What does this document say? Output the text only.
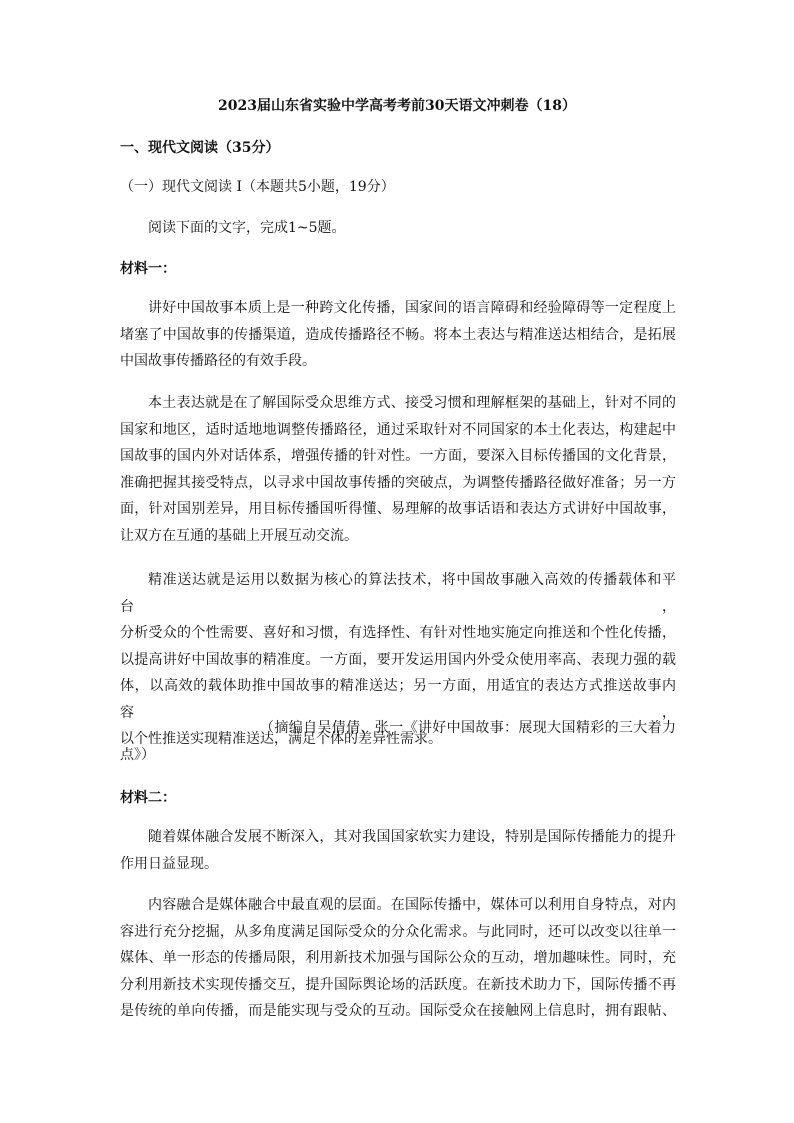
2023届山东省实验中学高考考前30天语文冲刺卷（18）

一、现代文阅读（35分）

（一）现代文阅读 I（本题共5小题，19分）

阅读下面的文字，完成1~5题。

材料一：

讲好中国故事本质上是一种跨文化传播，国家间的语言障碍和经验障碍等一定程度上
堵塞了中国故事的传播渠道，造成传播路径不畅。将本土表达与精准送达相结合，是拓展
中国故事传播路径的有效手段。

本土表达就是在了解国际受众思维方式、接受习惯和理解框架的基础上，针对不同的
国家和地区，适时适地地调整传播路径，通过采取针对不同国家的本土化表达，构建起中
国故事的国内外对话体系，增强传播的针对性。一方面，要深入目标传播国的文化背景，
准确把握其接受特点，以寻求中国故事传播的突破点，为调整传播路径做好准备；另一方
面，针对国别差异，用目标传播国听得懂、易理解的故事话语和表达方式讲好中国故事，
让双方在互通的基础上开展互动交流。

精准送达就是运用以数据为核心的算法技术，将中国故事融入高效的传播载体和平台，
分析受众的个性需要、喜好和习惯，有选择性、有针对性地实施定向推送和个性化传播，
以提高讲好中国故事的精准度。一方面，要开发运用国内外受众使用率高、表现力强的载
体，以高效的载体助推中国故事的精准送达；另一方面，用适宜的表达方式推送故事内容，
以个性推送实现精准送达，满足个体的差异性需求。

（摘编自吴倩倩、张一《讲好中国故事：展现大国精彩的三大着力
点》）

材料二：

随着媒体融合发展不断深入，其对我国国家软实力建设，特别是国际传播能力的提升
作用日益显现。

内容融合是媒体融合中最直观的层面。在国际传播中，媒体可以利用自身特点，对内
容进行充分挖掘，从多角度满足国际受众的分众化需求。与此同时，还可以改变以往单一
媒体、单一形态的传播局限，利用新技术加强与国际公众的互动，增加趣味性。同时，充
分利用新技术实现传播交互，提升国际舆论场的活跃度。在新技术助力下，国际传播不再
是传统的单向传播，而是能实现与受众的互动。国际受众在接触网上信息时，拥有跟帖、
